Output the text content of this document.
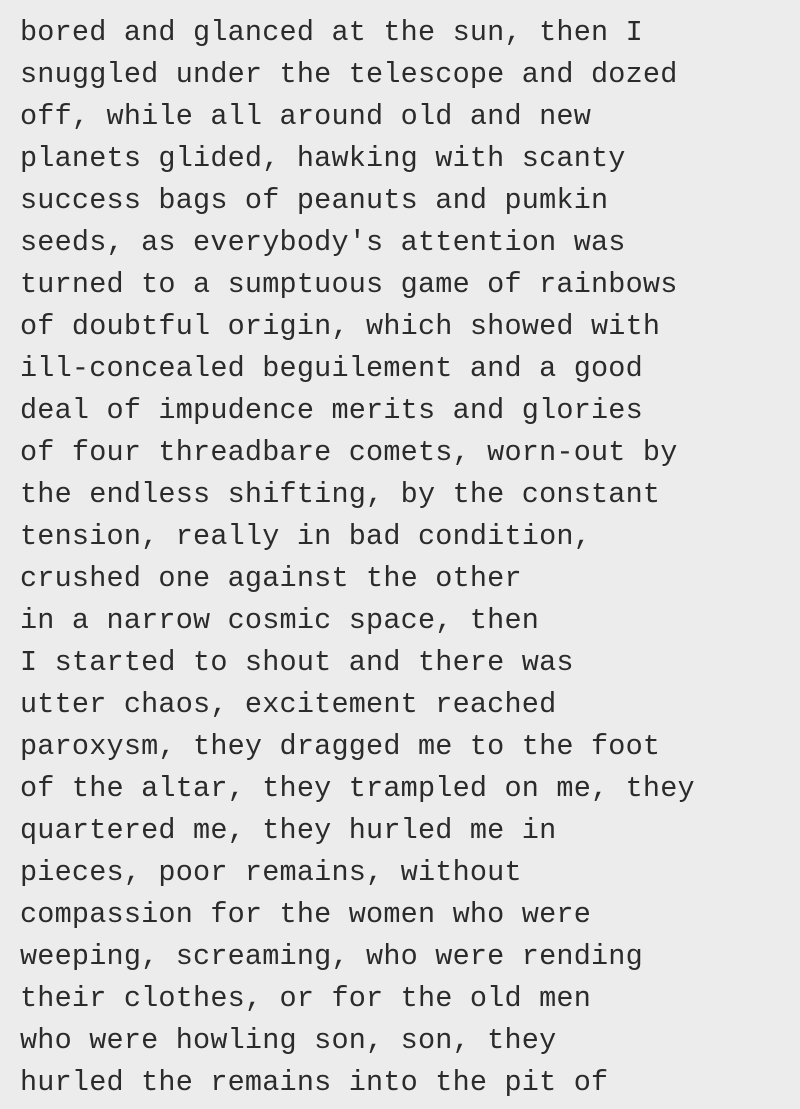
bored and glanced at the sun, then I
snuggled under the telescope and dozed
off, while all around old and new
planets glided, hawking with scanty
success bags of peanuts and pumkin
seeds, as everybody's attention was
turned to a sumptuous game of rainbows
of doubtful origin, which showed with
ill-concealed beguilement and a good
deal of impudence merits and glories
of four threadbare comets, worn-out by
the endless shifting, by the constant
tension, really in bad condition,
crushed one against the other
in a narrow cosmic space, then
I started to shout and there was
utter chaos, excitement reached
paroxysm, they dragged me to the foot
of the altar, they trampled on me, they
quartered me, they hurled me in
pieces, poor remains, without
compassion for the women who were
weeping, screaming, who were rending
their clothes, or for the old men
who were howling son, son, they
hurled the remains into the pit of
